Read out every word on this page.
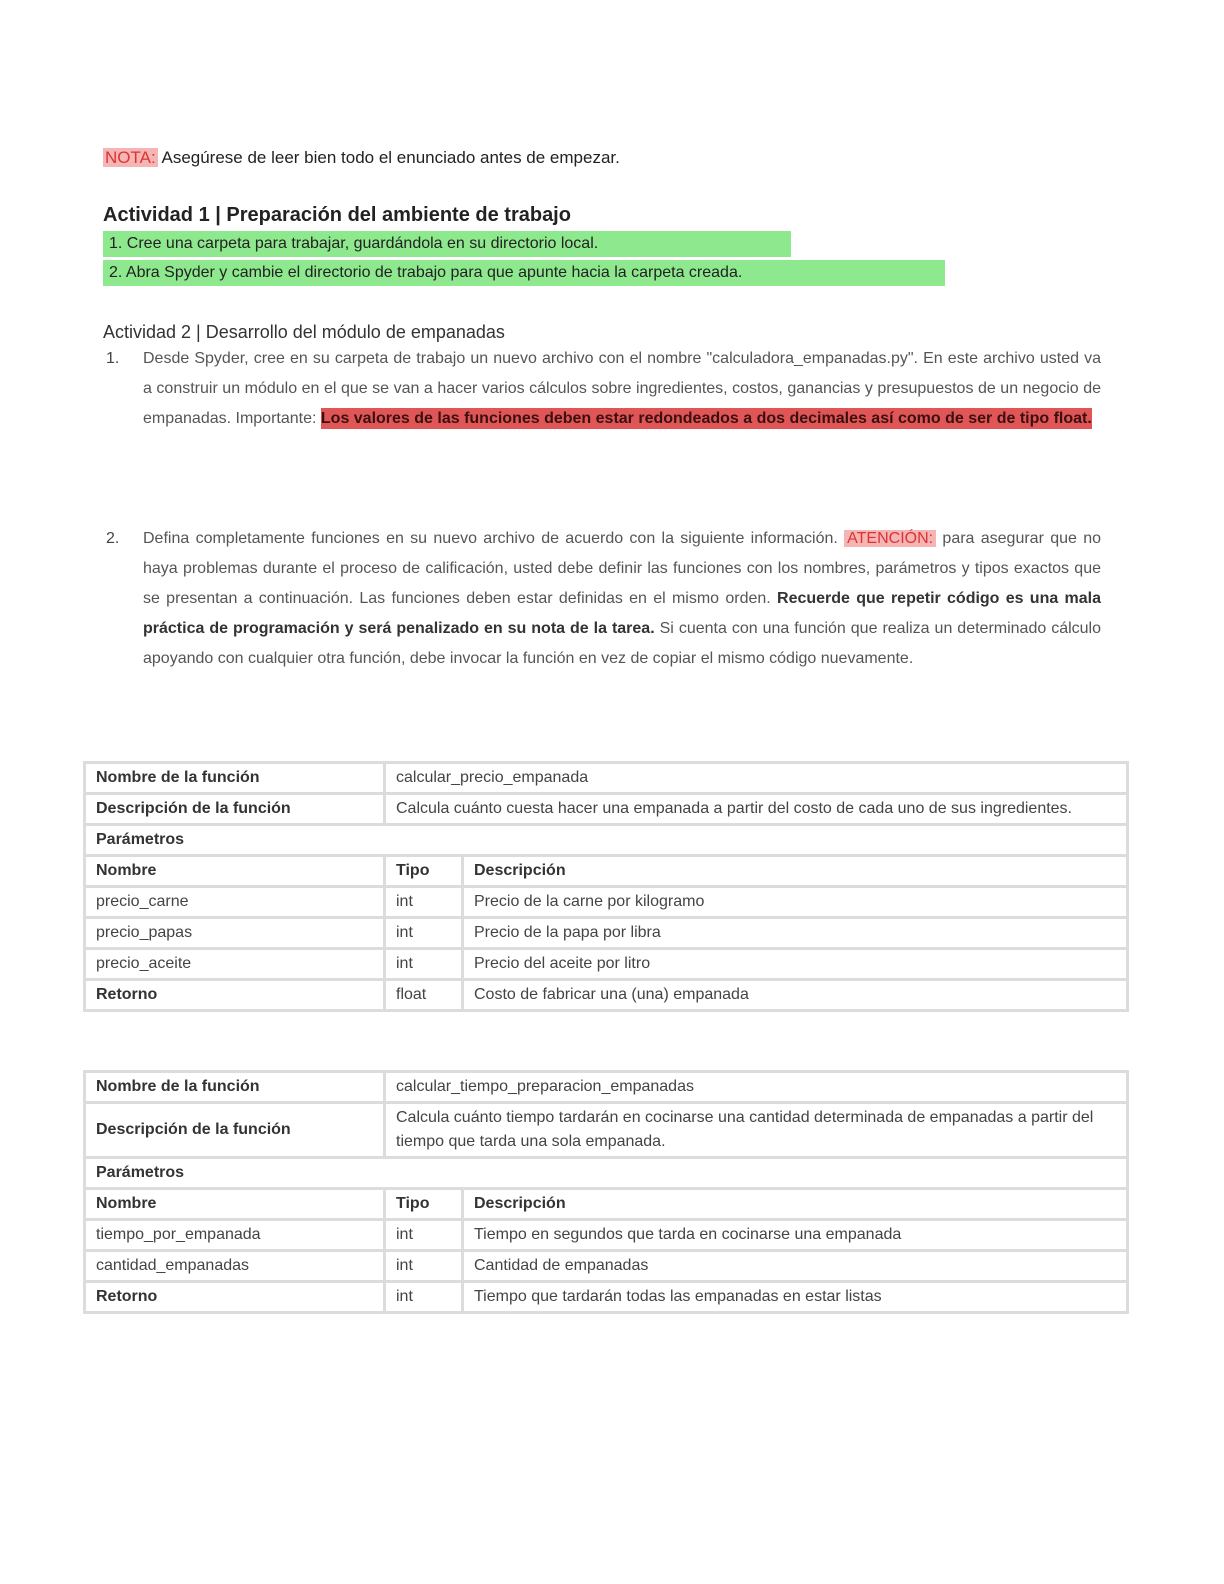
NOTA: Asegúrese de leer bien todo el enunciado antes de empezar.
Actividad 1 | Preparación del ambiente de trabajo
1. Cree una carpeta para trabajar, guardándola en su directorio local.
2. Abra Spyder y cambie el directorio de trabajo para que apunte hacia la carpeta creada.
Actividad 2 | Desarrollo del módulo de empanadas
1. Desde Spyder, cree en su carpeta de trabajo un nuevo archivo con el nombre "calculadora_empanadas.py". En este archivo usted va a construir un módulo en el que se van a hacer varios cálculos sobre ingredientes, costos, ganancias y presupuestos de un negocio de empanadas. Importante: Los valores de las funciones deben estar redondeados a dos decimales así como de ser de tipo float.
2. Defina completamente funciones en su nuevo archivo de acuerdo con la siguiente información. ATENCIÓN: para asegurar que no haya problemas durante el proceso de calificación, usted debe definir las funciones con los nombres, parámetros y tipos exactos que se presentan a continuación. Las funciones deben estar definidas en el mismo orden. Recuerde que repetir código es una mala práctica de programación y será penalizado en su nota de la tarea. Si cuenta con una función que realiza un determinado cálculo apoyando con cualquier otra función, debe invocar la función en vez de copiar el mismo código nuevamente.
Nombre de la función	calcular_precio_empanada	
Descripción de la función	Calcula cuánto cuesta hacer una empanada a partir del costo de cada uno de sus ingredientes.	
Parámetros		
Nombre	Tipo	Descripción
precio_carne	int	Precio de la carne por kilogramo
precio_papas	int	Precio de la papa por libra
precio_aceite	int	Precio del aceite por litro
Retorno	float	Costo de fabricar una (una) empanada
Nombre de la función	calcular_tiempo_preparacion_empanadas	
Descripción de la función	Calcula cuánto tiempo tardarán en cocinarse una cantidad determinada de empanadas a partir del tiempo que tarda una sola empanada.	
Parámetros		
Nombre	Tipo	Descripción
tiempo_por_empanada	int	Tiempo en segundos que tarda en cocinarse una empanada
cantidad_empanadas	int	Cantidad de empanadas
Retorno	int	Tiempo que tardarán todas las empanadas en estar listas
